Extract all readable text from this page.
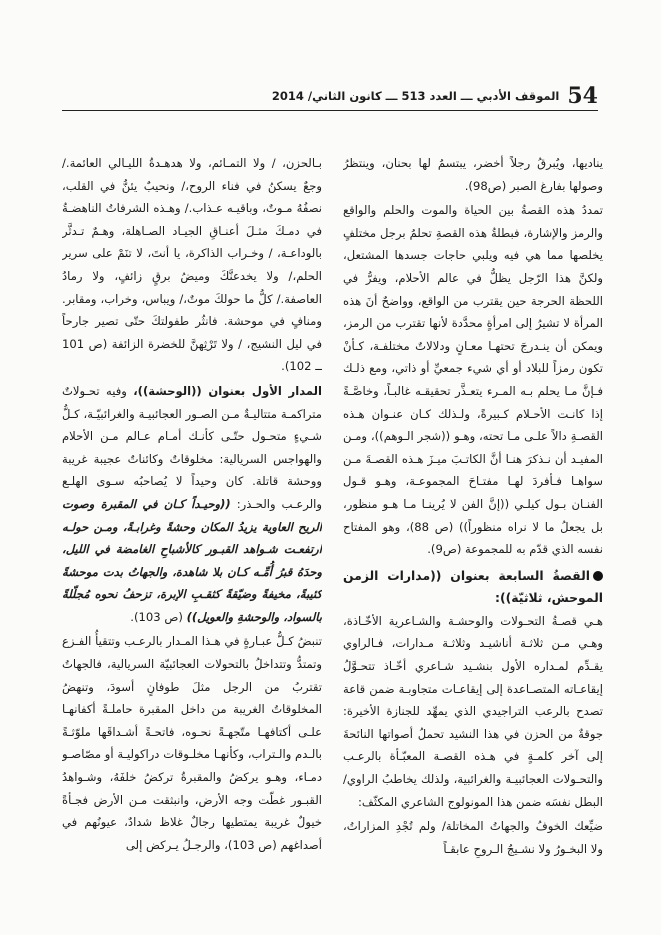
54
الموقف الأدبي ـــ العدد 513 ـــ كانون الثاني/ 2014

يناديها، ويُبرقُ رجلاً أخضر، يبتسمُ لها بحنان، وينتظرُ وصولها بفارغ الصبر (ص98).

تمددُ هذه القصةُ بين الحياة والموت والحلم والواقع والرمز والإشارة، فبطلةُ هذه القصةِ تحلمُ برجل مختلفٍ يخلصها مما هي فيه ويلبي حاجات جسدها المشتعل، ولكنَّ هذا الرّجل يظلُّ في عالم الأحلام، ويفرُّ في اللحظة الحرجة حين يقترب من الواقع، وواضحٌ أنَ هذه المرأة لا تشيرُ إلى امرأةٍ محدَّدة لأنها تقترب من الرمز، ويمكن أن ينـدرجَ تحتهـا معـانٍ ودلالاتٌ مختلفـة، كـأنْ تكون رمزاً للبلاد أو أي شيء جمعيِّ أو ذاتي، ومع ذلـك فـإنَّ مـا يحلم بـه المـرء يتعـذَّر تحقيقـه غالبـاً، وخاصَّـةً إذا كانـت الأحـلام كـبيرةً، ولـذلك كـان عنـوان هـذه القصـةِ دالاً علـى مـا تحته، وهـو ((شجر الـوهم))، ومـن المفيـد أن نـذكرَ هنـا أنَّ الكاتـبَ ميـزَ هـذه القصـةَ مـن سواهـا فـأفردَ لهـا مفتـاحَ المجموعـة، وهـو قـول الفنـان بـول كيلـي ((إنَّ الفن لا يُرينـا مـا هـو منظور، بل يجعلُ ما لا نراه منظوراً)) (ص 88)، وهو المفتاح نفسه الذي قدّم به للمجموعة (ص9).

القصةُ السابعة بعنوان ((مدارات الزمن الموحش، ثلاثيّة)):

هـي قصـةُ التحـولات والوحشـة والشـاعرية الأخّـاذة، وهـي مـن ثلاثـة أناشيـد وثلاثـة مـدارات، فـالراوي يقـدِّم لمـداره الأول بنشـيد شـاعري أخّـاذ تتحـوَّلُ إيقاعـاته المتصـاعدة إلى إيقاعـات متجاوبـة ضمن قاعة تصدح بالرعب التراجيدي الذي يمهِّد للجنازة الأخيرة: جوقةٌ من الحزن في هذا النشيد تحملُ أصواتها النائحةَ إلى آخر كلمـةٍ في هـذه القصـة المعبّـأة بالرعـب والتحـولات العجائبيـة والغرائبية، ولذلك يخاطبُ الراوي/ البطل نفسَه ضمن هذا المونولوج الشاعري المكثّف:

ضيِّعك الخوفُ والجهاتُ المخاتلة/ ولم تُجْدِ المزاراتُ، ولا البخـورُ ولا نشـيجُ الـروحِ عابقـاً

بـالحزن، / ولا التمـائم، ولا هدهـدةُ الليـالي العائمة./ وجعٌ يسكنُ في فناء الروح،/ ونحيبٌ يئنُّ في القلب، نصفُهُ مـوتٌ، وباقيـه عـذاب./ وهـذه الشرفاتُ الناهضـةُ في دمـكَ مثـلَ أعنـاقِ الجيـاد الصـاهلة، وهـمٌ تـدثَّر بالوداعـة، / وخـراب الذاكرة، يا أنتَ، لا تنَمْ على سرير الحلم،/ ولا يخدعنَّكَ وميضُ برقٍ زائفٍ، ولا رمادُ العاصفة./ كلُّ ما حولكَ موتٌ،/ ويباس، وخراب، ومقابر. ومنافٍ في موحشة. فانثُر طفولتكَ حتّى تصير جارحاً في ليل النشيج، / ولا تَرْثِهنَّ للخضرة الزائفة (ص 101 ــ 102).

المدار الأول بعنوان ((الوحشة))، وفيه تحـولاتٌ متراكمـة متتاليـةٌ مـن الصـور العجائبيـة والغرائبيّـة، كـلُّ شـيءٍ متحـول حتّـى كأنـك أمـام عـالم مـن الأحلام والهواجس السريالية: مخلوقاتٌ وكائناتٌ عجيبة غريبة ووحشة قاتلة. كان وحيداً لا يُصاحبُه سـوى الهلـع والرعـب والحـذر: ((وحيـداً كـان في المقبرة وصوت الريح العاوية يزيدُ المكان وحشةً وغرابـةً، ومـن حولـه ارتفعـت شـواهد القبـور كالأشباحِ الغامضة في الليل، وحدَهُ قبرُ أُمِّـه كـان بلا شاهدة، والجهاتُ بدت موحشةً كئيبةً، مخيفةً وضيّقةً كثقـبِ الإبرة، تزحفُ نحوه مُجلّلةً بالسواد، والوحشةِ والعويل)) (ص 103).

تنبضُ كـلُّ عبـارةٍ في هـذا المـدار بالرعـب وتتقيأُ الفـزع وتمتدُّ وتتداخلُ بالتحولات العجائبيّة السريالية، فالجهاتُ تقتربُ من الرجل مثلَ طوفانٍ أسودَ، وتنهضُ المخلوقاتُ الغريبة من داخل المقبرة حاملـةً أكفانهـا علـى أكتافهـا متّجهـةً نحـوه، فاتحـةً أشـداقَها ملوّثـةً بالـدم والـتراب، وكأنهـا مخلـوقات دراكوليـة أو مصّاصـو دمـاء، وهـو يركضُ والمقبرةُ تركضُ خلفَهُ، وشـواهدُ القبـور غطّت وجه الأرض، وانبثقت مـن الأرض فجـأةً خيولٌ غريبة يمتطيها رجالٌ غلاظ شدادٌ، عيونُهم في أصداغهم (ص 103)، والرجـلُ يـركض إلى
